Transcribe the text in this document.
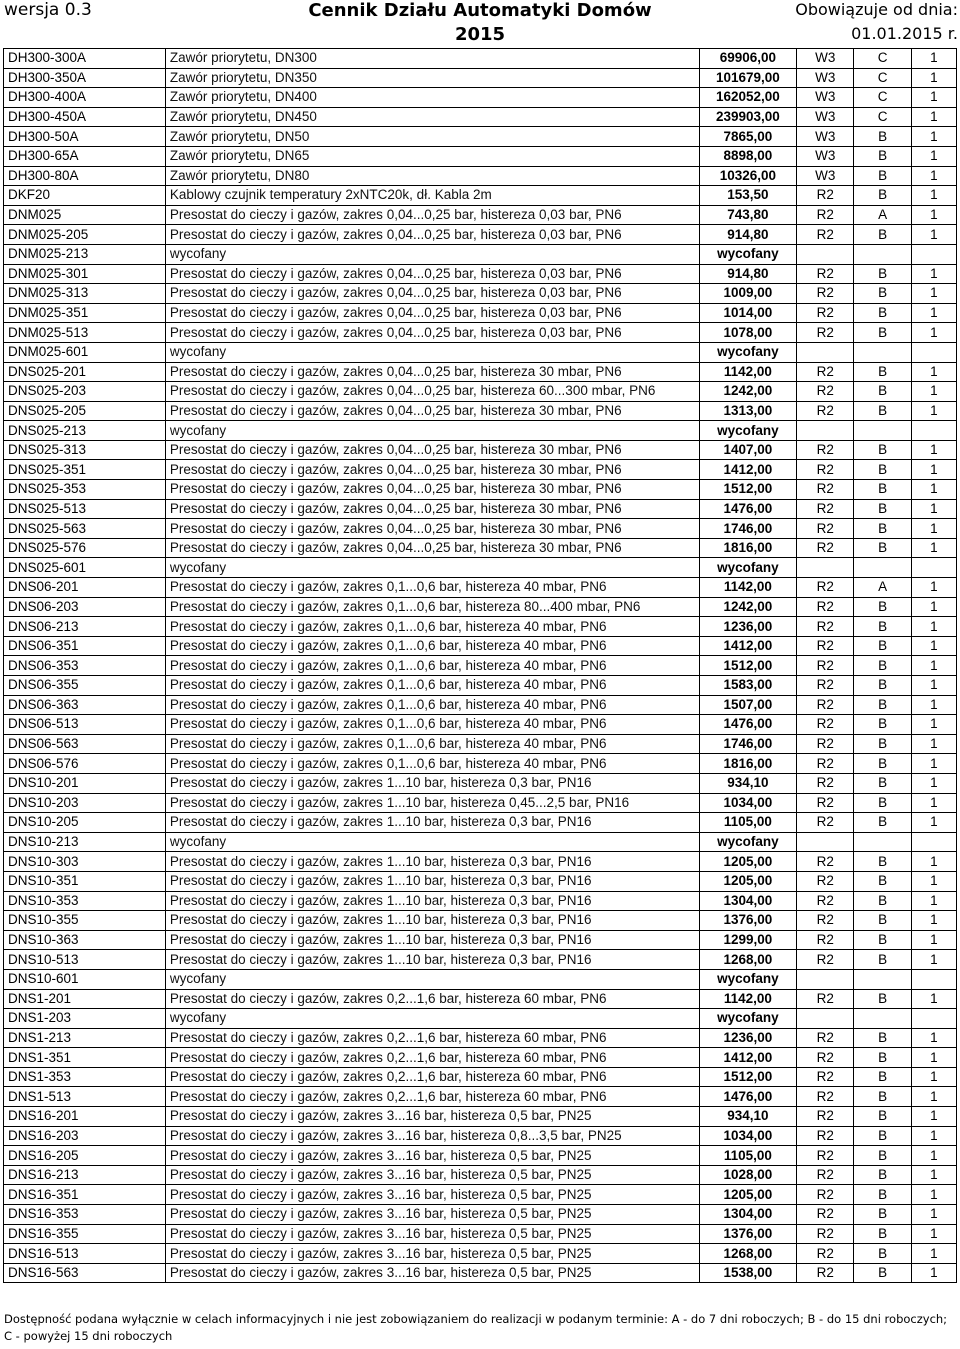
wersja 0.3	Cennik Działu Automatyki Domów
2015
Obowiązuje od dnia:
01.01.2015 r.
DH300-300A	Zawór priorytetu, DN300	69906,00	W3	C	1
DH300-350A	Zawór priorytetu, DN350	101679,00	W3	C	1
DH300-400A	Zawór priorytetu, DN400	162052,00	W3	C	1
DH300-450A	Zawór priorytetu, DN450	239903,00	W3	C	1
DH300-50A	Zawór priorytetu, DN50	7865,00	W3	B	1
DH300-65A	Zawór priorytetu, DN65	8898,00	W3	B	1
DH300-80A	Zawór priorytetu, DN80	10326,00	W3	B	1
DKF20	Kablowy czujnik temperatury 2xNTC20k, dł. Kabla 2m	153,50	R2	B	1
DNM025	Presostat do cieczy i gazów, zakres 0,04...0,25 bar, histereza 0,03 bar, PN6	743,80	R2	A	1
DNM025-205	Presostat do cieczy i gazów, zakres 0,04...0,25 bar, histereza 0,03 bar, PN6	914,80	R2	B	1
DNM025-213	wycofany	wycofany			
DNM025-301	Presostat do cieczy i gazów, zakres 0,04...0,25 bar, histereza 0,03 bar, PN6	914,80	R2	B	1
DNM025-313	Presostat do cieczy i gazów, zakres 0,04...0,25 bar, histereza 0,03 bar, PN6	1009,00	R2	B	1
DNM025-351	Presostat do cieczy i gazów, zakres 0,04...0,25 bar, histereza 0,03 bar, PN6	1014,00	R2	B	1
DNM025-513	Presostat do cieczy i gazów, zakres 0,04...0,25 bar, histereza 0,03 bar, PN6	1078,00	R2	B	1
DNM025-601	wycofany	wycofany			
DNS025-201	Presostat do cieczy i gazów, zakres 0,04...0,25 bar, histereza 30 mbar, PN6	1142,00	R2	B	1
DNS025-203	Presostat do cieczy i gazów, zakres 0,04...0,25 bar, histereza 60...300 mbar, PN6	1242,00	R2	B	1
DNS025-205	Presostat do cieczy i gazów, zakres 0,04...0,25 bar, histereza 30 mbar, PN6	1313,00	R2	B	1
DNS025-213	wycofany	wycofany			
DNS025-313	Presostat do cieczy i gazów, zakres 0,04...0,25 bar, histereza 30 mbar, PN6	1407,00	R2	B	1
DNS025-351	Presostat do cieczy i gazów, zakres 0,04...0,25 bar, histereza 30 mbar, PN6	1412,00	R2	B	1
DNS025-353	Presostat do cieczy i gazów, zakres 0,04...0,25 bar, histereza 30 mbar, PN6	1512,00	R2	B	1
DNS025-513	Presostat do cieczy i gazów, zakres 0,04...0,25 bar, histereza 30 mbar, PN6	1476,00	R2	B	1
DNS025-563	Presostat do cieczy i gazów, zakres 0,04...0,25 bar, histereza 30 mbar, PN6	1746,00	R2	B	1
DNS025-576	Presostat do cieczy i gazów, zakres 0,04...0,25 bar, histereza 30 mbar, PN6	1816,00	R2	B	1
DNS025-601	wycofany	wycofany			
DNS06-201	Presostat do cieczy i gazów, zakres 0,1...0,6 bar, histereza 40 mbar, PN6	1142,00	R2	A	1
DNS06-203	Presostat do cieczy i gazów, zakres 0,1...0,6 bar, histereza 80...400 mbar, PN6	1242,00	R2	B	1
DNS06-213	Presostat do cieczy i gazów, zakres 0,1...0,6 bar, histereza 40 mbar, PN6	1236,00	R2	B	1
DNS06-351	Presostat do cieczy i gazów, zakres 0,1...0,6 bar, histereza 40 mbar, PN6	1412,00	R2	B	1
DNS06-353	Presostat do cieczy i gazów, zakres 0,1...0,6 bar, histereza 40 mbar, PN6	1512,00	R2	B	1
DNS06-355	Presostat do cieczy i gazów, zakres 0,1...0,6 bar, histereza 40 mbar, PN6	1583,00	R2	B	1
DNS06-363	Presostat do cieczy i gazów, zakres 0,1...0,6 bar, histereza 40 mbar, PN6	1507,00	R2	B	1
DNS06-513	Presostat do cieczy i gazów, zakres 0,1...0,6 bar, histereza 40 mbar, PN6	1476,00	R2	B	1
DNS06-563	Presostat do cieczy i gazów, zakres 0,1...0,6 bar, histereza 40 mbar, PN6	1746,00	R2	B	1
DNS06-576	Presostat do cieczy i gazów, zakres 0,1...0,6 bar, histereza 40 mbar, PN6	1816,00	R2	B	1
DNS10-201	Presostat do cieczy i gazów, zakres 1...10 bar, histereza 0,3 bar, PN16	934,10	R2	B	1
DNS10-203	Presostat do cieczy i gazów, zakres 1...10 bar, histereza 0,45...2,5 bar, PN16	1034,00	R2	B	1
DNS10-205	Presostat do cieczy i gazów, zakres 1...10 bar, histereza 0,3 bar, PN16	1105,00	R2	B	1
DNS10-213	wycofany	wycofany			
DNS10-303	Presostat do cieczy i gazów, zakres 1...10 bar, histereza 0,3 bar, PN16	1205,00	R2	B	1
DNS10-351	Presostat do cieczy i gazów, zakres 1...10 bar, histereza 0,3 bar, PN16	1205,00	R2	B	1
DNS10-353	Presostat do cieczy i gazów, zakres 1...10 bar, histereza 0,3 bar, PN16	1304,00	R2	B	1
DNS10-355	Presostat do cieczy i gazów, zakres 1...10 bar, histereza 0,3 bar, PN16	1376,00	R2	B	1
DNS10-363	Presostat do cieczy i gazów, zakres 1...10 bar, histereza 0,3 bar, PN16	1299,00	R2	B	1
DNS10-513	Presostat do cieczy i gazów, zakres 1...10 bar, histereza 0,3 bar, PN16	1268,00	R2	B	1
DNS10-601	wycofany	wycofany			
DNS1-201	Presostat do cieczy i gazów, zakres 0,2...1,6 bar, histereza 60 mbar, PN6	1142,00	R2	B	1
DNS1-203	wycofany	wycofany			
DNS1-213	Presostat do cieczy i gazów, zakres 0,2...1,6 bar, histereza 60 mbar, PN6	1236,00	R2	B	1
DNS1-351	Presostat do cieczy i gazów, zakres 0,2...1,6 bar, histereza 60 mbar, PN6	1412,00	R2	B	1
DNS1-353	Presostat do cieczy i gazów, zakres 0,2...1,6 bar, histereza 60 mbar, PN6	1512,00	R2	B	1
DNS1-513	Presostat do cieczy i gazów, zakres 0,2...1,6 bar, histereza 60 mbar, PN6	1476,00	R2	B	1
DNS16-201	Presostat do cieczy i gazów, zakres 3...16 bar, histereza 0,5 bar, PN25	934,10	R2	B	1
DNS16-203	Presostat do cieczy i gazów, zakres 3...16 bar, histereza 0,8...3,5 bar, PN25	1034,00	R2	B	1
DNS16-205	Presostat do cieczy i gazów, zakres 3...16 bar, histereza 0,5 bar, PN25	1105,00	R2	B	1
DNS16-213	Presostat do cieczy i gazów, zakres 3...16 bar, histereza 0,5 bar, PN25	1028,00	R2	B	1
DNS16-351	Presostat do cieczy i gazów, zakres 3...16 bar, histereza 0,5 bar, PN25	1205,00	R2	B	1
DNS16-353	Presostat do cieczy i gazów, zakres 3...16 bar, histereza 0,5 bar, PN25	1304,00	R2	B	1
DNS16-355	Presostat do cieczy i gazów, zakres 3...16 bar, histereza 0,5 bar, PN25	1376,00	R2	B	1
DNS16-513	Presostat do cieczy i gazów, zakres 3...16 bar, histereza 0,5 bar, PN25	1268,00	R2	B	1
DNS16-563	Presostat do cieczy i gazów, zakres 3...16 bar, histereza 0,5 bar, PN25	1538,00	R2	B	1
Dostępność podana wyłącznie w celach informacyjnych i nie jest zobowiązaniem do realizacji w podanym terminie: A - do 7 dni roboczych; B - do 15 dni roboczych; C - powyżej 15 dni roboczych
